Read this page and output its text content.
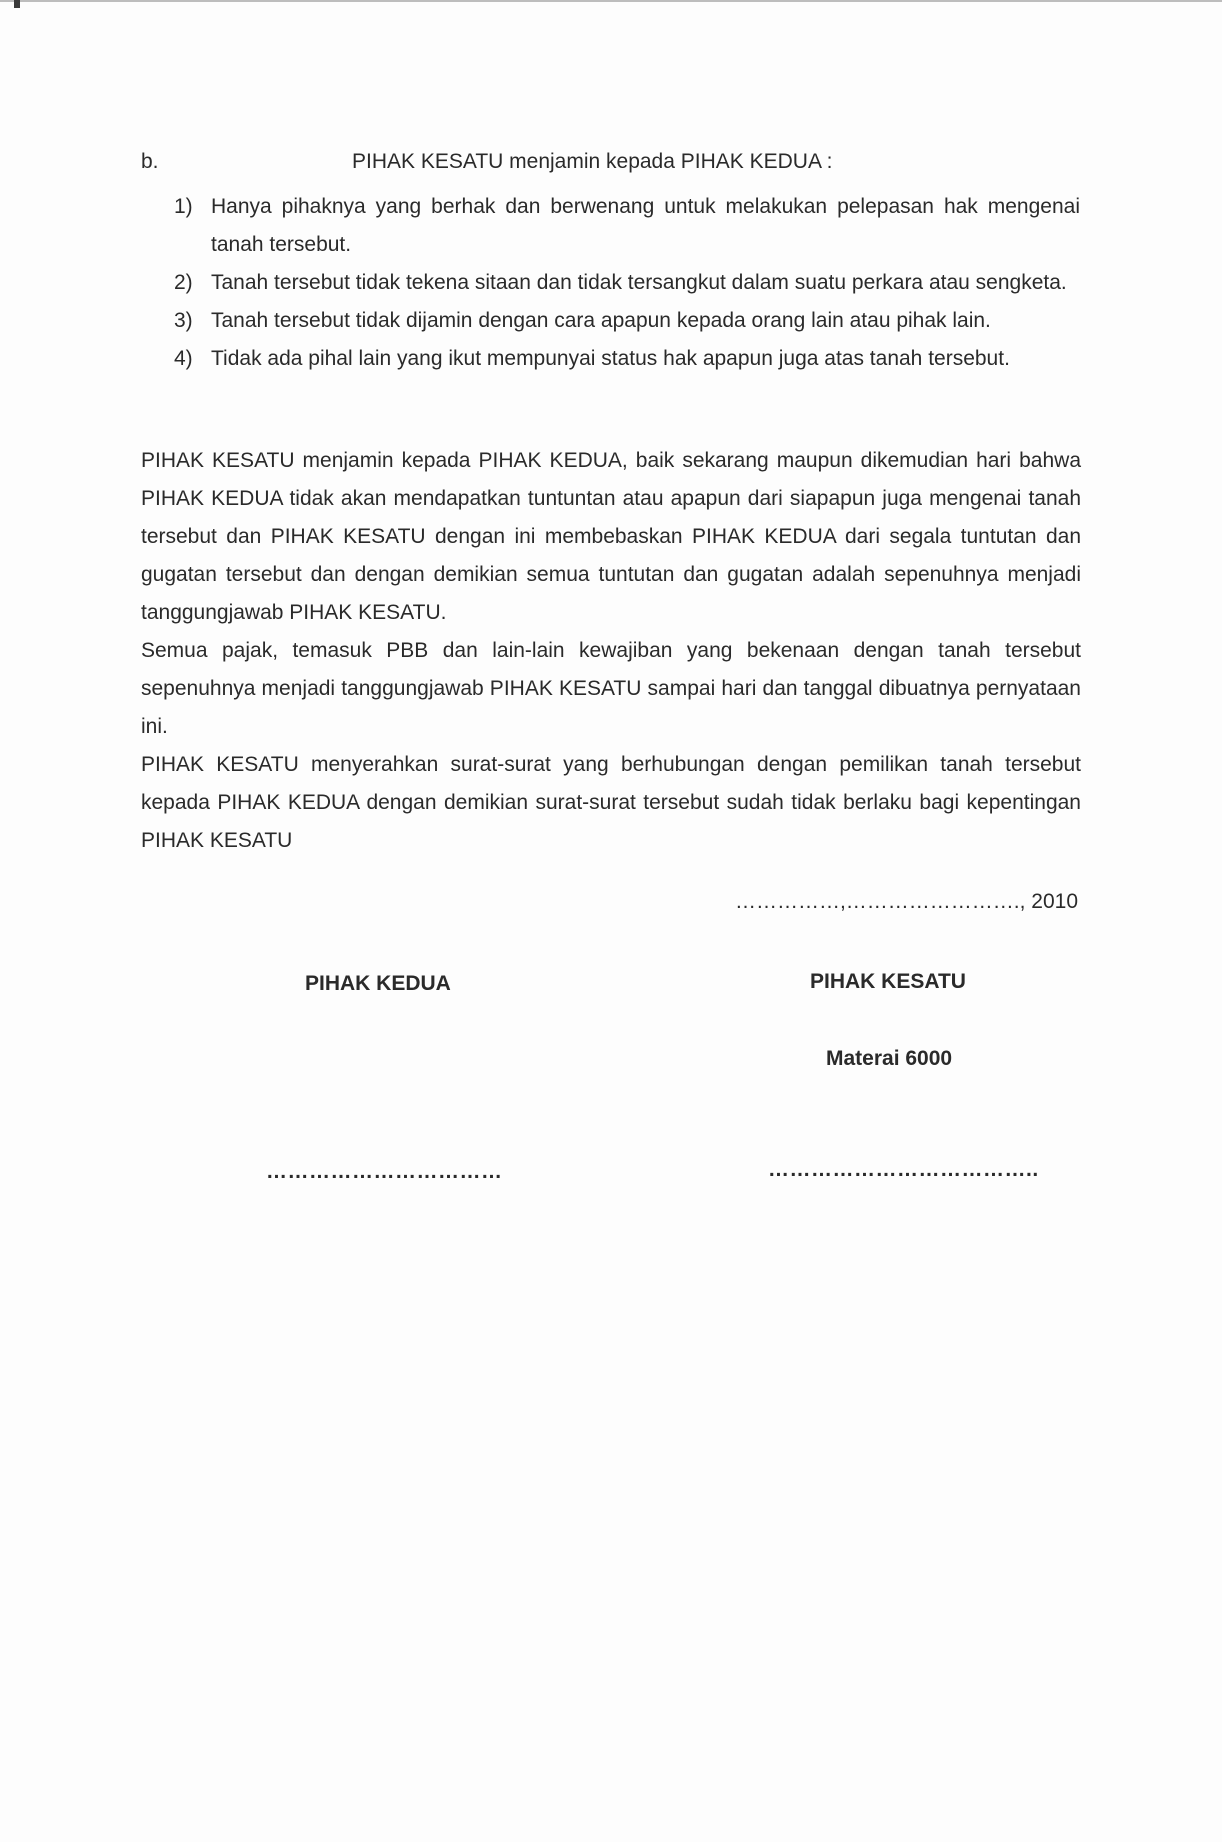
b.	PIHAK KESATU menjamin kepada PIHAK KEDUA :
1) Hanya pihaknya yang berhak dan berwenang untuk melakukan pelepasan hak mengenai tanah tersebut.
2) Tanah tersebut tidak tekena sitaan dan tidak tersangkut dalam suatu perkara atau sengketa.
3) Tanah tersebut tidak dijamin dengan cara apapun kepada orang lain atau pihak lain.
4) Tidak ada pihal lain yang ikut mempunyai status hak apapun juga atas tanah tersebut.

PIHAK KESATU menjamin kepada PIHAK KEDUA, baik sekarang maupun dikemudian hari bahwa PIHAK KEDUA tidak akan mendapatkan tuntuntan atau apapun dari siapapun juga mengenai tanah tersebut dan PIHAK KESATU dengan ini membebaskan PIHAK KEDUA dari segala tuntutan dan gugatan tersebut dan dengan demikian semua tuntutan dan gugatan adalah sepenuhnya menjadi tanggungjawab PIHAK KESATU.

Semua pajak, temasuk PBB dan lain-lain kewajiban yang bekenaan dengan tanah tersebut sepenuhnya menjadi tanggungjawab PIHAK KESATU sampai hari dan tanggal dibuatnya pernyataan ini.

PIHAK KESATU menyerahkan surat-surat yang berhubungan dengan pemilikan tanah tersebut kepada PIHAK KEDUA dengan demikian surat-surat tersebut sudah tidak berlaku bagi kepentingan PIHAK KESATU

……………,……………………., 2010
PIHAK KEDUA	PIHAK KESATU
Materai 6000
……………………………	………………………………..
